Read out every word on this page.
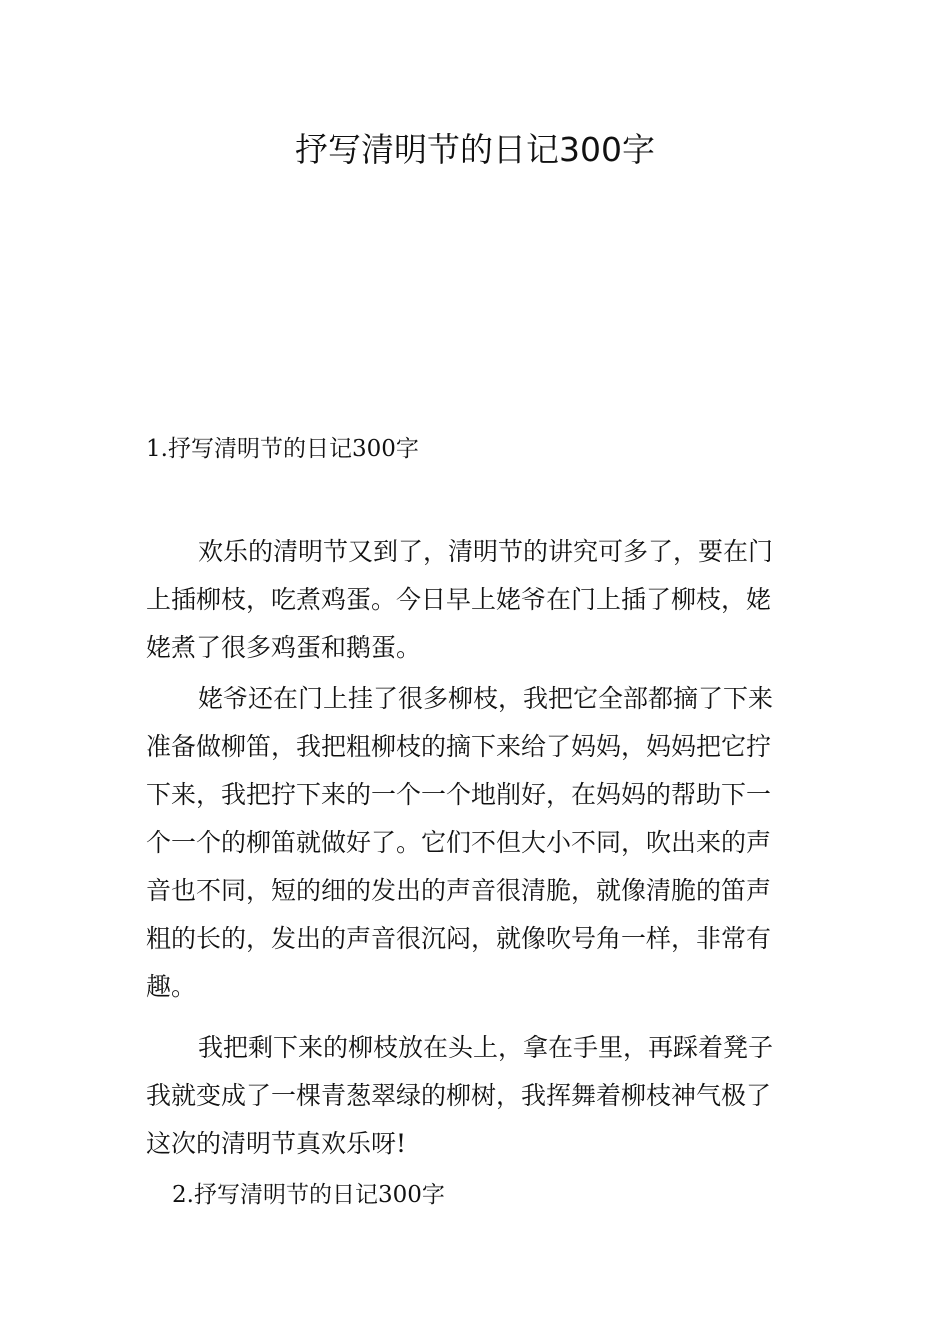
抒写清明节的日记300字
1.抒写清明节的日记300字
欢乐的清明节又到了，清明节的讲究可多了，要在门
上插柳枝，吃煮鸡蛋。今日早上姥爷在门上插了柳枝，姥
姥煮了很多鸡蛋和鹅蛋。
姥爷还在门上挂了很多柳枝，我把它全部都摘了下来
准备做柳笛，我把粗柳枝的摘下来给了妈妈，妈妈把它拧
下来，我把拧下来的一个一个地削好，在妈妈的帮助下一
个一个的柳笛就做好了。它们不但大小不同，吹出来的声
音也不同，短的细的发出的声音很清脆，就像清脆的笛声
粗的长的，发出的声音很沉闷，就像吹号角一样，非常有
趣。
我把剩下来的柳枝放在头上，拿在手里，再踩着凳子
我就变成了一棵青葱翠绿的柳树，我挥舞着柳枝神气极了
这次的清明节真欢乐呀!
2.抒写清明节的日记300字
